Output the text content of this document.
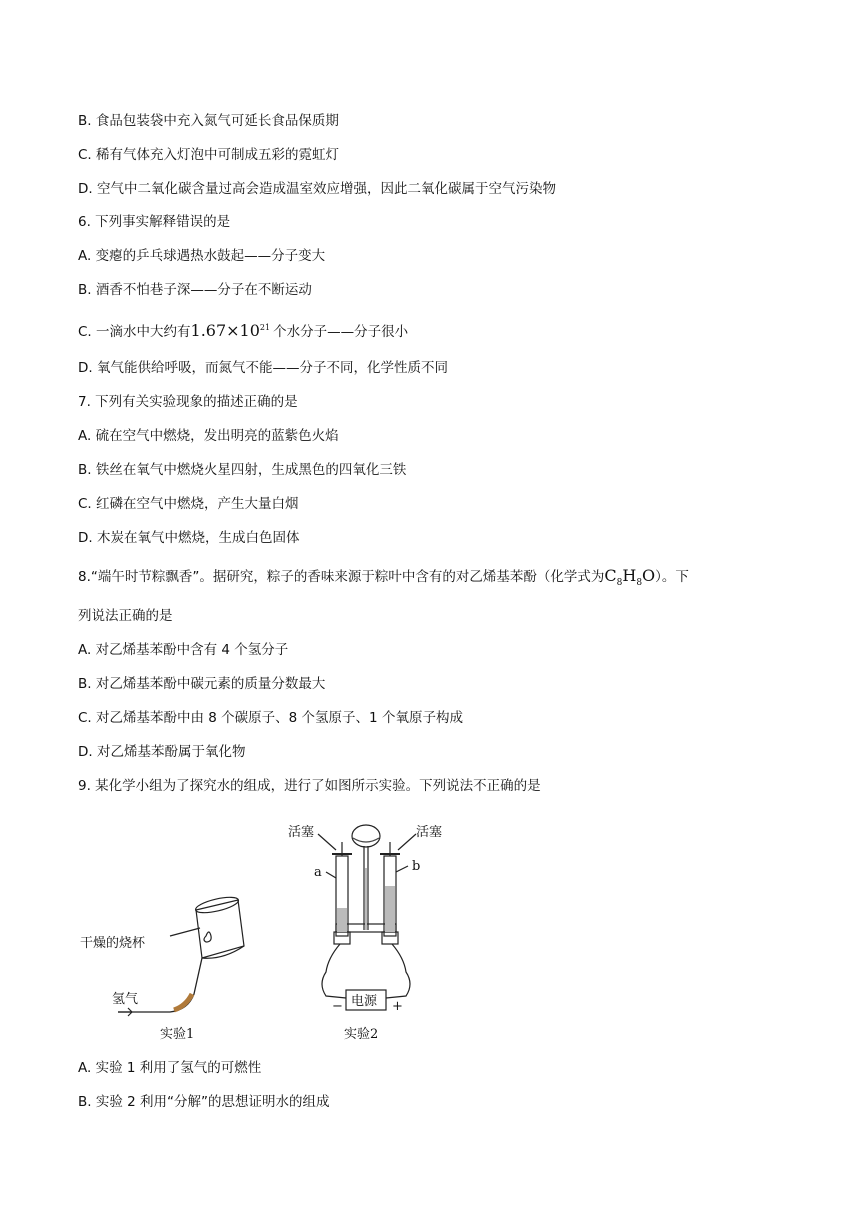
B. 食品包装袋中充入氮气可延长食品保质期
C. 稀有气体充入灯泡中可制成五彩的霓虹灯
D. 空气中二氧化碳含量过高会造成温室效应增强，因此二氧化碳属于空气污染物
6. 下列事实解释错误的是
A. 变瘪的乒乓球遇热水鼓起——分子变大
B. 酒香不怕巷子深——分子在不断运动
C. 一滴水中大约有$1.67\times 10^{21}$ 个水分子——分子很小
D. 氧气能供给呼吸，而氮气不能——分子不同，化学性质不同
7. 下列有关实验现象的描述正确的是
A. 硫在空气中燃烧，发出明亮的蓝紫色火焰
B. 铁丝在氧气中燃烧火星四射，生成黑色的四氧化三铁
C. 红磷在空气中燃烧，产生大量白烟
D. 木炭在氧气中燃烧，生成白色固体
8.“端午时节粽飘香”。据研究，粽子的香味来源于粽叶中含有的对乙烯基苯酚（化学式为$C_8H_8O$）。下
列说法正确的是
A. 对乙烯基苯酚中含有 4 个氢分子
B. 对乙烯基苯酚中碳元素的质量分数最大
C. 对乙烯基苯酚中由 8 个碳原子、8 个氢原子、1 个氧原子构成
D. 对乙烯基苯酚属于氧化物
9. 某化学小组为了探究水的组成，进行了如图所示实验。下列说法不正确的是
干燥的烧杯
氢气
实验1
活塞	活塞
a	b
电源
−	+
实验2
A. 实验 1 利用了氢气的可燃性
B. 实验 2 利用“分解”的思想证明水的组成
